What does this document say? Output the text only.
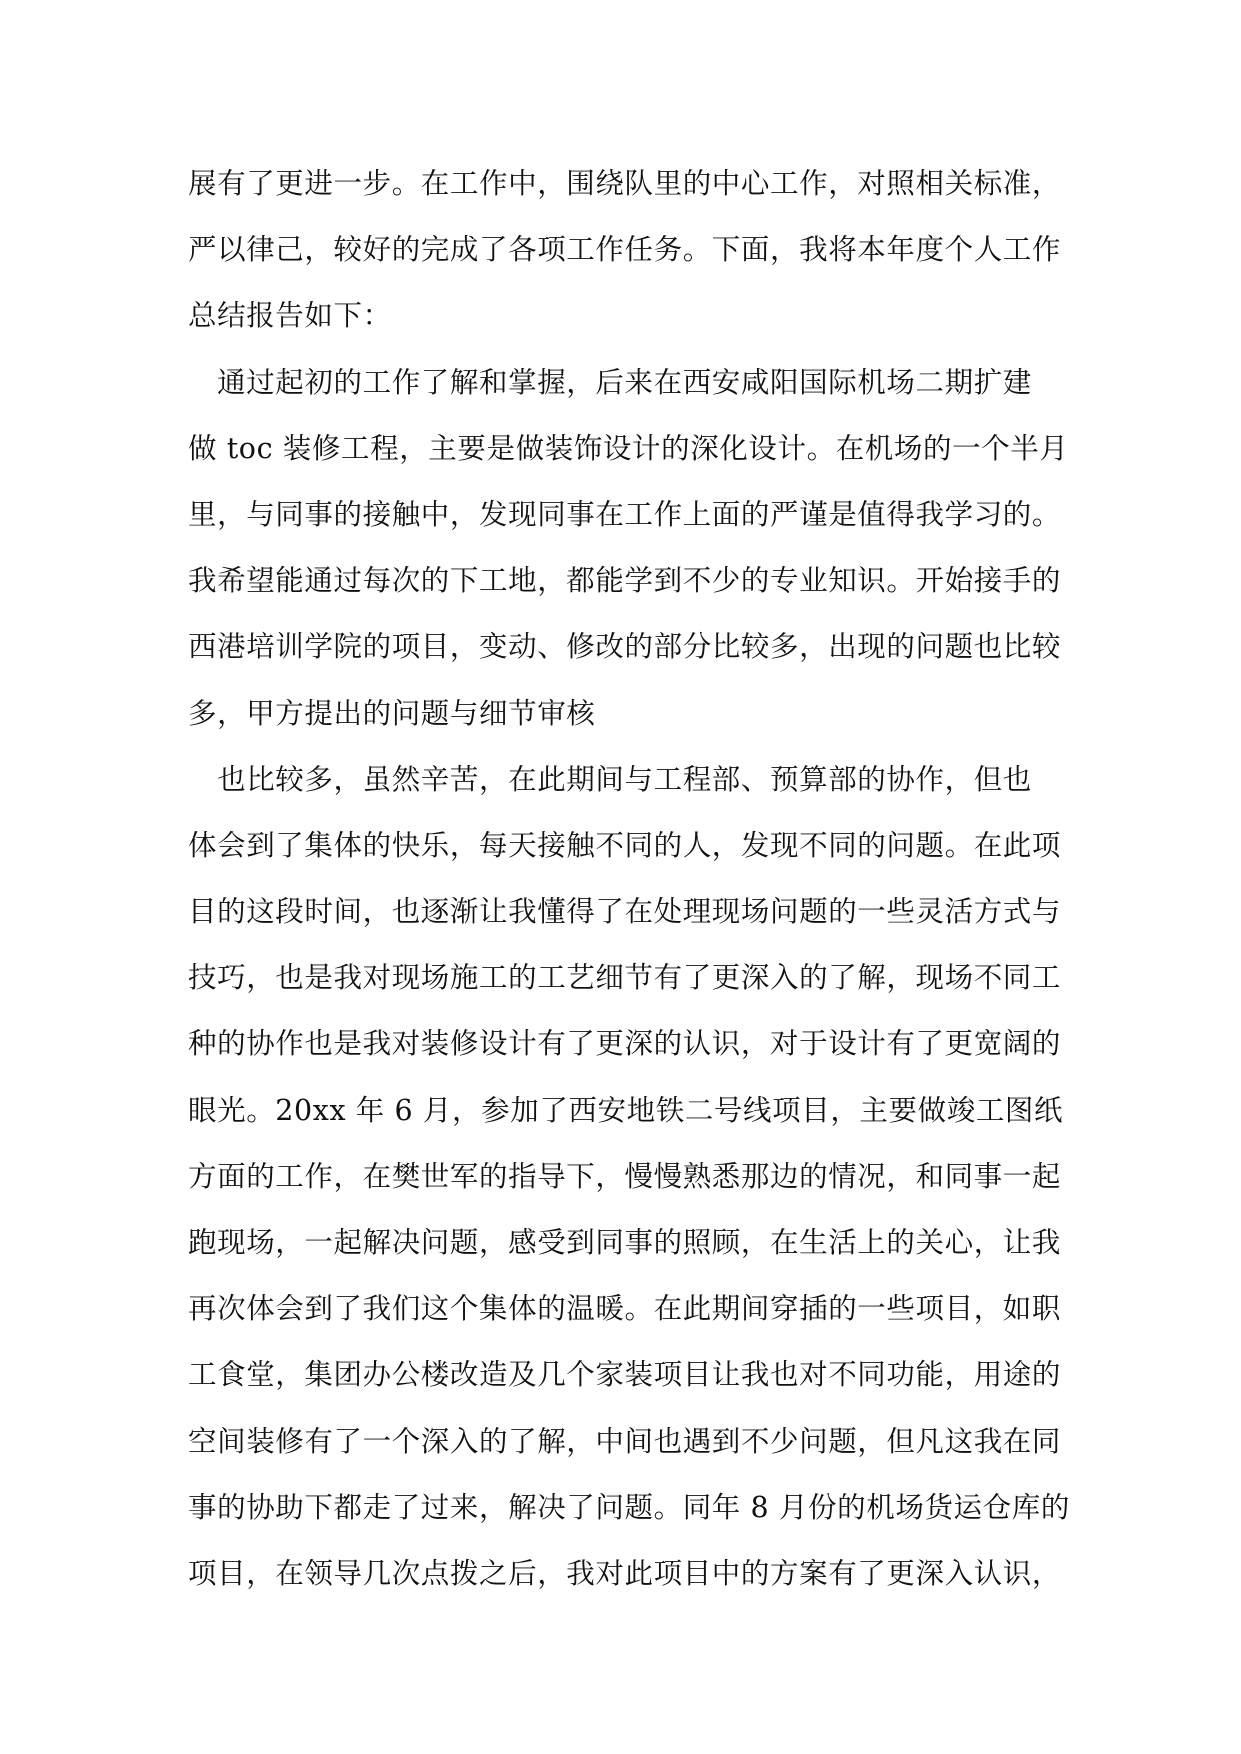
展有了更进一步。在工作中，围绕队里的中心工作，对照相关标准，
严以律己，较好的完成了各项工作任务。下面，我将本年度个人工作
总结报告如下：
　通过起初的工作了解和掌握，后来在西安咸阳国际机场二期扩建
做 toc 装修工程，主要是做装饰设计的深化设计。在机场的一个半月
里，与同事的接触中，发现同事在工作上面的严谨是值得我学习的。
我希望能通过每次的下工地，都能学到不少的专业知识。开始接手的
西港培训学院的项目，变动、修改的部分比较多，出现的问题也比较
多，甲方提出的问题与细节审核
　也比较多，虽然辛苦，在此期间与工程部、预算部的协作，但也
体会到了集体的快乐，每天接触不同的人，发现不同的问题。在此项
目的这段时间，也逐渐让我懂得了在处理现场问题的一些灵活方式与
技巧，也是我对现场施工的工艺细节有了更深入的了解，现场不同工
种的协作也是我对装修设计有了更深的认识，对于设计有了更宽阔的
眼光。20xx 年 6 月，参加了西安地铁二号线项目，主要做竣工图纸
方面的工作，在樊世军的指导下，慢慢熟悉那边的情况，和同事一起
跑现场，一起解决问题，感受到同事的照顾，在生活上的关心，让我
再次体会到了我们这个集体的温暖。在此期间穿插的一些项目，如职
工食堂，集团办公楼改造及几个家装项目让我也对不同功能，用途的
空间装修有了一个深入的了解，中间也遇到不少问题，但凡这我在同
事的协助下都走了过来，解决了问题。同年 8 月份的机场货运仓库的
项目，在领导几次点拨之后，我对此项目中的方案有了更深入认识，
